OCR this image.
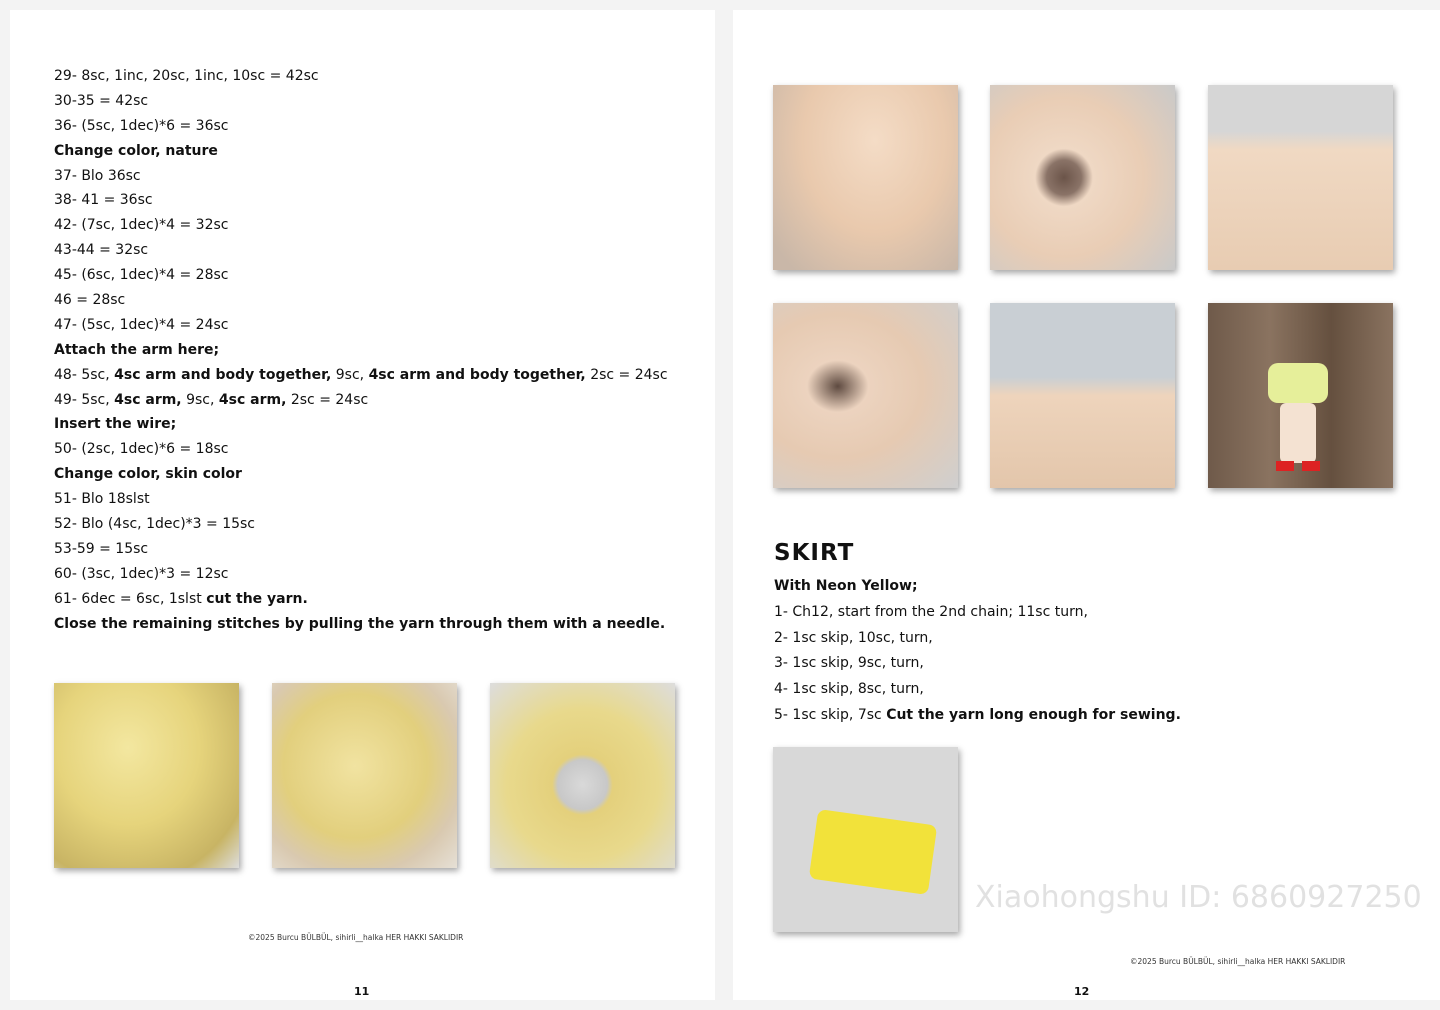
29- 8sc, 1inc, 20sc, 1inc, 10sc = 42sc
30-35 = 42sc
36- (5sc, 1dec)*6 = 36sc
Change color, nature
37- Blo 36sc
38- 41 = 36sc
42- (7sc, 1dec)*4 = 32sc
43-44 = 32sc
45- (6sc, 1dec)*4 = 28sc
46 = 28sc
47- (5sc, 1dec)*4 = 24sc
Attach the arm here;
48- 5sc, 4sc arm and body together, 9sc, 4sc arm and body together, 2sc = 24sc
49- 5sc, 4sc arm, 9sc, 4sc arm, 2sc = 24sc
Insert the wire;
50- (2sc, 1dec)*6 = 18sc
Change color, skin color
51- Blo 18slst
52- Blo (4sc, 1dec)*3 = 15sc
53-59 = 15sc
60- (3sc, 1dec)*3 = 12sc
61- 6dec = 6sc, 1slst cut the yarn.
Close the remaining stitches by pulling the yarn through them with a needle.
©2025 Burcu BÜLBÜL, sihirli__halka HER HAKKI SAKLIDIR
11
SKIRT
With Neon Yellow;
1- Ch12, start from the 2nd chain; 11sc turn,
2- 1sc skip, 10sc, turn,
3- 1sc skip, 9sc, turn,
4- 1sc skip, 8sc, turn,
5- 1sc skip, 7sc Cut the yarn long enough for sewing.
©2025 Burcu BÜLBÜL, sihirli__halka HER HAKKI SAKLIDIR
12
Xiaohongshu ID: 6860927250
